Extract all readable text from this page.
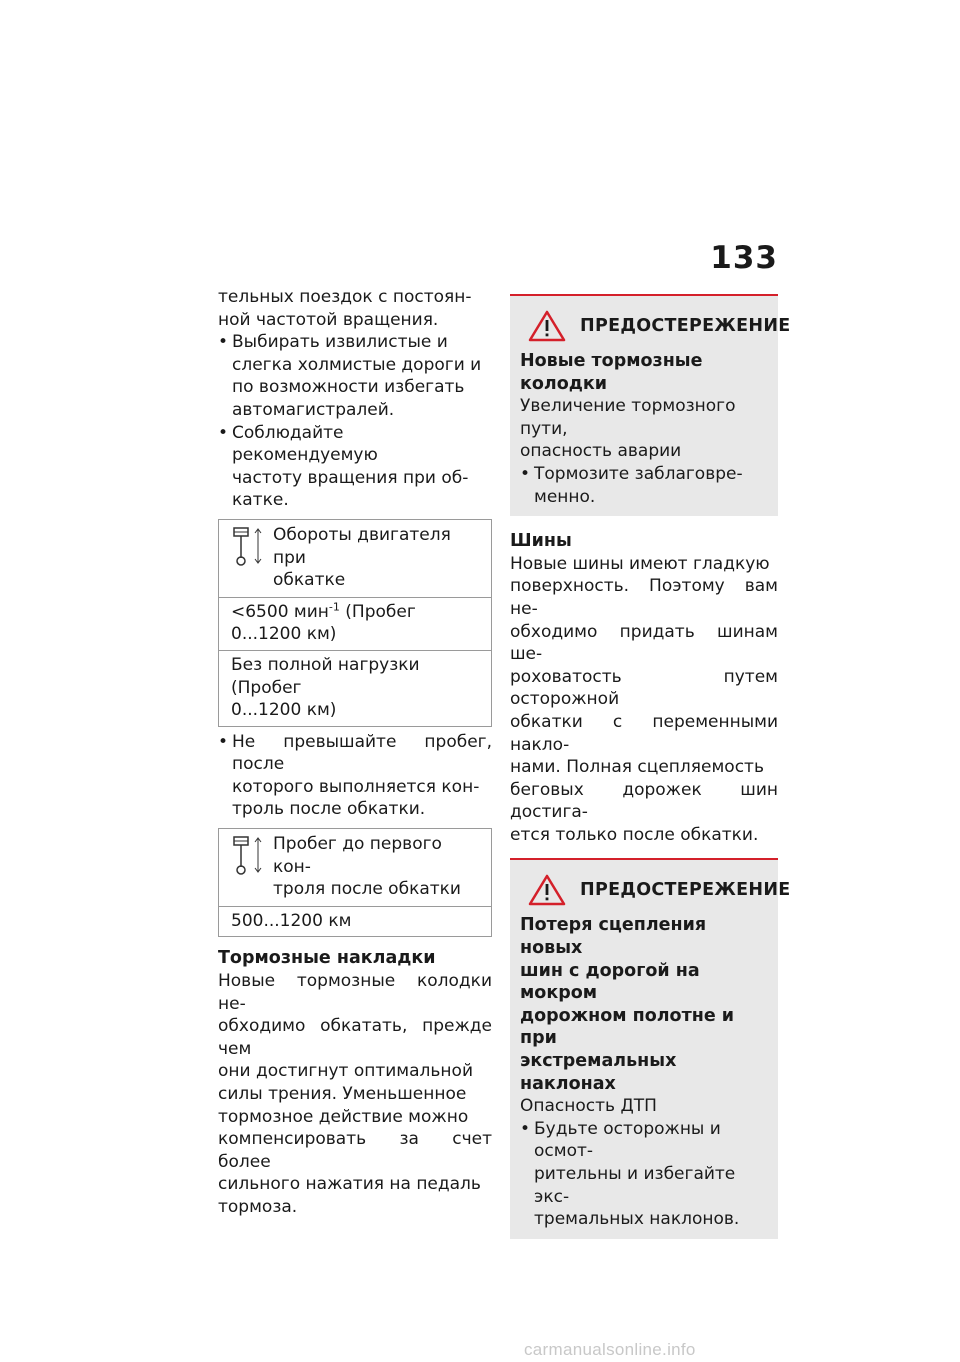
133

тельных поездок с постоян-

ной частотой вращения.

• Выбирать извилистые и
слегка холмистые дороги и
по возможности избегать
автомагистралей.
• Соблюдайте рекомендуемую
частоту вращения при об-
катке.
Обороты двигателя при
обкатке
<6500 мин$^{-1}$ (Пробег
0...1200 км)
Без полной нагрузки (Пробег
0...1200 км)
• Не превышайте пробег, после
которого выполняется кон-
троль после обкатки.
Пробег до первого кон-
троля после обкатки
500...1200 км
Тормозные накладки

Новые тормозные колодки не-

обходимо обкатать, прежде чем

они достигнут оптимальной

силы трения. Уменьшенное

тормозное действие можно

компенсировать за счет более

сильного нажатия на педаль

тормоза.

ПРЕДОСТЕРЕЖЕНИЕ

Новые тормозные

колодки

Увеличение тормозного пути,

опасность аварии

• Тормозите заблаговре-
менно.
Шины

Новые шины имеют гладкую

поверхность. Поэтому вам не-

обходимо придать шинам ше-

роховатость путем осторожной

обкатки с переменными накло-

нами. Полная сцепляемость

беговых дорожек шин достига-

ется только после обкатки.

ПРЕДОСТЕРЕЖЕНИЕ

Потеря сцепления новых

шин с дорогой на мокром

дорожном полотне и при

экстремальных наклонах

Опасность ДТП

• Будьте осторожны и осмот-
рительны и избегайте экс-
тремальных наклонов.
carmanualsonline.info
